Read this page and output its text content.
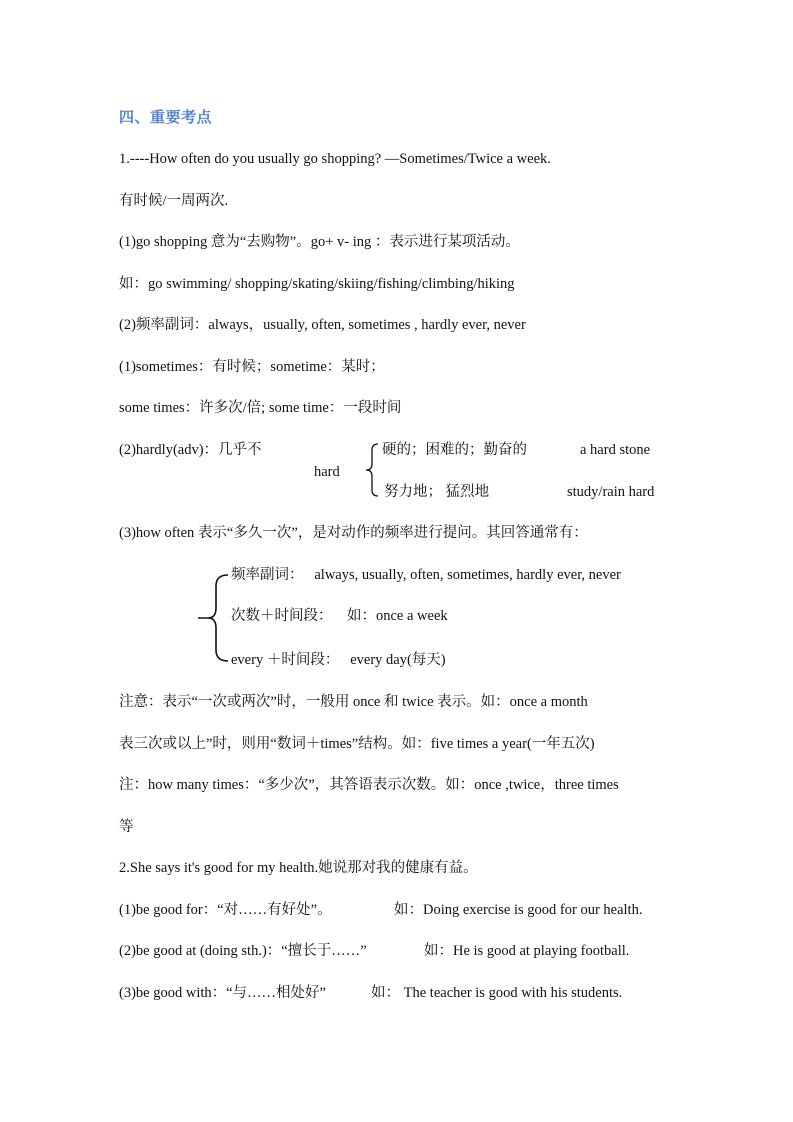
四、重要考点
1.----How often do you usually go shopping? —Sometimes/Twice a week.
有时候/一周两次.
(1)go shopping 意为“去购物”。go+ v- ing ：表示进行某项活动。
如：go swimming/ shopping/skating/skiing/fishing/climbing/hiking
(2)频率副词：always，usually, often, sometimes , hardly ever, never
(1)sometimes：有时候；sometime：某时；
some times：许多次/倍; some time：一段时间
(2)hardly(adv)：几乎不
hard
硬的；困难的；勤奋的	a hard stone
努力地； 猛烈地	study/rain hard
(3)how often 表示“多久一次”，是对动作的频率进行提问。其回答通常有：
频率副词： always, usually, often, sometimes, hardly ever, never
次数＋时间段： 如：once a week
every ＋时间段： every day(每天)
注意：表示“一次或两次”时，一般用 once 和 twice 表示。如：once a month
表三次或以上”时，则用“数词＋times”结构。如：five times a year(一年五次)
注：how many times：“多少次”，其答语表示次数。如：once ,twice，three times
等
2.She says it's good for my health.她说那对我的健康有益。
(1)be good for：“对……有好处”。	如：Doing exercise is good for our health.
(2)be good at (doing sth.)：“擅长于……”	如：He is good at playing football.
(3)be good with：“与……相处好”	如： The teacher is good with his students.
